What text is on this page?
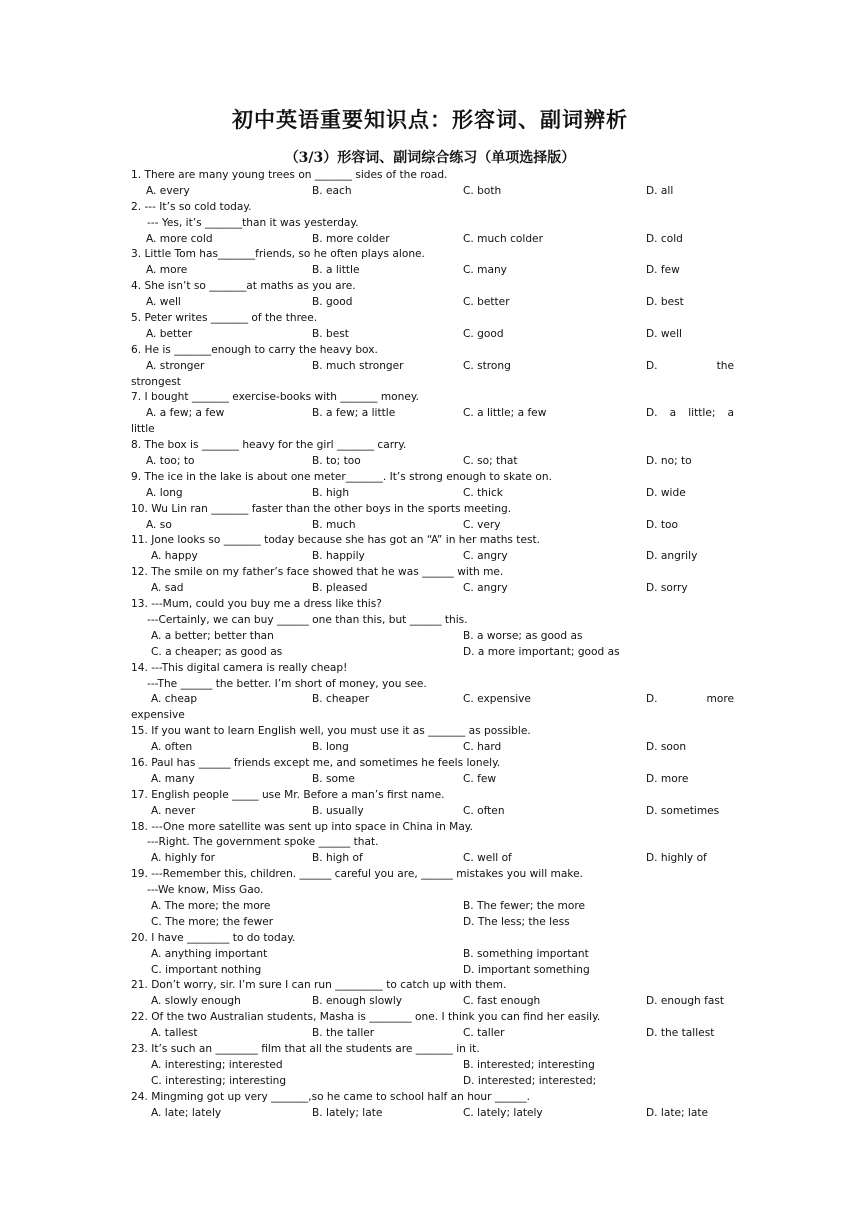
初中英语重要知识点：形容词、副词辨析
（3/3）形容词、副词综合练习（单项选择版）
1. There are many young trees on _______ sides of the road.
A. every	B. each	C. both	D. all
2. --- It’s so cold today.
--- Yes, it’s _______than it was yesterday.
A. more cold	B. more colder	C. much colder	D. cold
3. Little Tom has_______friends, so he often plays alone.
A. more	B. a little	C. many	D. few
4. She isn’t so _______at maths as you are.
A. well	B. good	C. better	D. best
5. Peter writes _______ of the three.
A. better	B. best	C. good	D. well
6. He is _______enough to carry the heavy box.
A. stronger	B. much stronger	C. strong	D.	the
strongest
7. I bought _______ exercise-books with _______ money.
A. a few; a few	B. a few; a little	C. a little; a few	D. a little; a
little
8. The box is _______ heavy for the girl _______ carry.
A. too; to	B. to; too	C. so; that	D. no; to
9. The ice in the lake is about one meter_______. It’s strong enough to skate on.
A. long	B. high	C. thick	D. wide
10. Wu Lin ran _______ faster than the other boys in the sports meeting.
A. so	B. much	C. very	D. too
11. Jone looks so _______ today because she has got an “A” in her maths test.
A. happy	B. happily	C. angry	D. angrily
12. The smile on my father’s face showed that he was ______ with me.
A. sad	B. pleased	C. angry	D. sorry
13. ---Mum, could you buy me a dress like this?
---Certainly, we can buy ______ one than this, but ______ this.
A. a better; better than	B. a worse; as good as
C. a cheaper; as good as	D. a more important; good as
14. ---This digital camera is really cheap!
---The ______ the better. I’m short of money, you see.
A. cheap	B. cheaper	C. expensive	D.	more
expensive
15. If you want to learn English well, you must use it as _______ as possible.
A. often	B. long	C. hard	D. soon
16. Paul has ______ friends except me, and sometimes he feels lonely.
A. many	B. some	C. few	D. more
17. English people _____ use Mr. Before a man’s first name.
A. never	B. usually	C. often	D. sometimes
18. ---One more satellite was sent up into space in China in May.
---Right. The government spoke ______ that.
A. highly for	B. high of	C. well of	D. highly of
19. ---Remember this, children. ______ careful you are, ______ mistakes you will make.
---We know, Miss Gao.
A. The more; the more	B. The fewer; the more
C. The more; the fewer	D. The less; the less
20. I have ________ to do today.
A. anything important	B. something important
C. important nothing	D. important something
21. Don’t worry, sir. I’m sure I can run _________ to catch up with them.
A. slowly enough	B. enough slowly	C. fast enough	D. enough fast
22. Of the two Australian students, Masha is ________ one. I think you can find her easily.
A. tallest	B. the taller	C. taller	D. the tallest
23. It’s such an ________ film that all the students are _______ in it.
A. interesting; interested	B. interested; interesting
C. interesting; interesting	D. interested; interested;
24. Mingming got up very _______,so he came to school half an hour ______.
A. late; lately	B. lately; late	C. lately; lately	D. late; late
